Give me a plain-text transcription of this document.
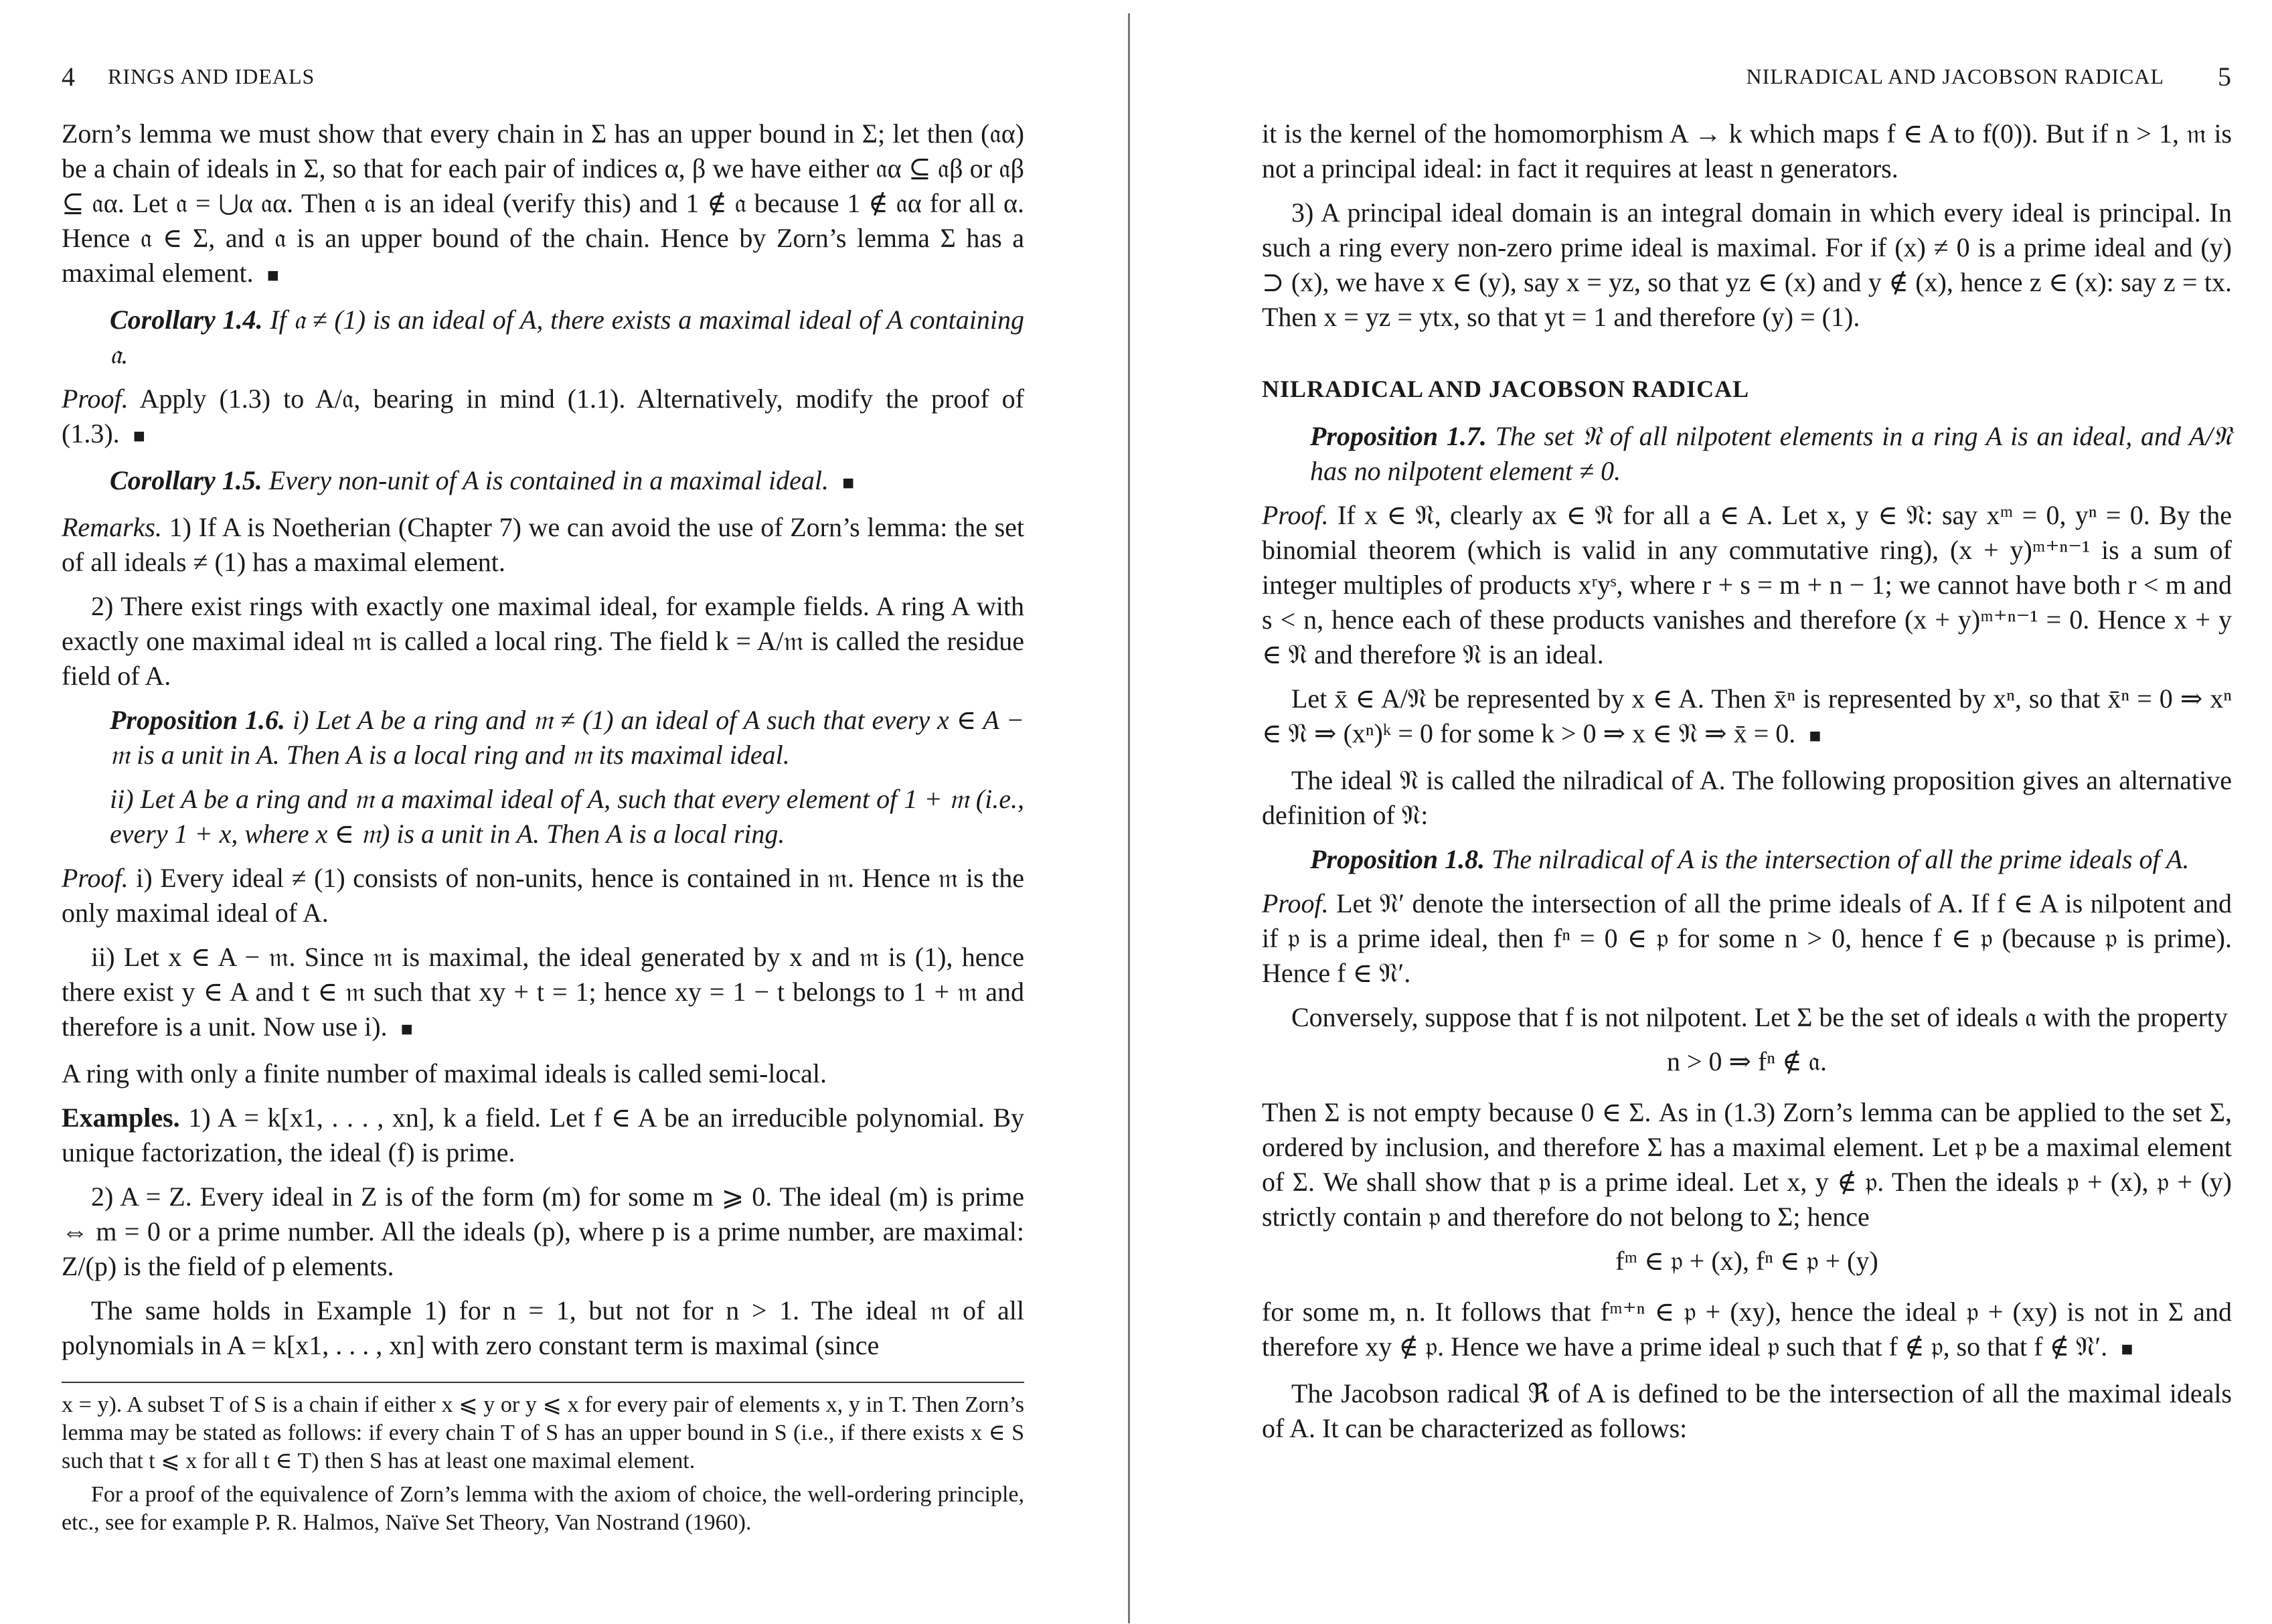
4 RINGS AND IDEALS

Zorn’s lemma we must show that every chain in Σ has an upper bound in Σ; let then (𝔞α) be a chain of ideals in Σ, so that for each pair of indices α, β we have either 𝔞α ⊆ 𝔞β or 𝔞β ⊆ 𝔞α. Let 𝔞 = ⋃α 𝔞α. Then 𝔞 is an ideal (verify this) and 1 ∉ 𝔞 because 1 ∉ 𝔞α for all α. Hence 𝔞 ∈ Σ, and 𝔞 is an upper bound of the chain. Hence by Zorn’s lemma Σ has a maximal element. ■

Corollary 1.4. If 𝔞 ≠ (1) is an ideal of A, there exists a maximal ideal of A containing 𝔞.

Proof. Apply (1.3) to A/𝔞, bearing in mind (1.1). Alternatively, modify the proof of (1.3). ■

Corollary 1.5. Every non-unit of A is contained in a maximal ideal. ■

Remarks. 1) If A is Noetherian (Chapter 7) we can avoid the use of Zorn’s lemma: the set of all ideals ≠ (1) has a maximal element.

2) There exist rings with exactly one maximal ideal, for example fields. A ring A with exactly one maximal ideal 𝔪 is called a local ring. The field k = A/𝔪 is called the residue field of A.

Proposition 1.6. i) Let A be a ring and 𝔪 ≠ (1) an ideal of A such that every x ∈ A − 𝔪 is a unit in A. Then A is a local ring and 𝔪 its maximal ideal.

ii) Let A be a ring and 𝔪 a maximal ideal of A, such that every element of 1 + 𝔪 (i.e., every 1 + x, where x ∈ 𝔪) is a unit in A. Then A is a local ring.

Proof. i) Every ideal ≠ (1) consists of non-units, hence is contained in 𝔪. Hence 𝔪 is the only maximal ideal of A.

ii) Let x ∈ A − 𝔪. Since 𝔪 is maximal, the ideal generated by x and 𝔪 is (1), hence there exist y ∈ A and t ∈ 𝔪 such that xy + t = 1; hence xy = 1 − t belongs to 1 + 𝔪 and therefore is a unit. Now use i). ■

A ring with only a finite number of maximal ideals is called semi-local.

Examples. 1) A = k[x1, . . . , xn], k a field. Let f ∈ A be an irreducible polynomial. By unique factorization, the ideal (f) is prime.

2) A = Z. Every ideal in Z is of the form (m) for some m ⩾ 0. The ideal (m) is prime ⇔ m = 0 or a prime number. All the ideals (p), where p is a prime number, are maximal: Z/(p) is the field of p elements.

The same holds in Example 1) for n = 1, but not for n > 1. The ideal 𝔪 of all polynomials in A = k[x1, . . . , xn] with zero constant term is maximal (since

x = y). A subset T of S is a chain if either x ⩽ y or y ⩽ x for every pair of elements x, y in T. Then Zorn’s lemma may be stated as follows: if every chain T of S has an upper bound in S (i.e., if there exists x ∈ S such that t ⩽ x for all t ∈ T) then S has at least one maximal element.

For a proof of the equivalence of Zorn’s lemma with the axiom of choice, the well-ordering principle, etc., see for example P. R. Halmos, Naïve Set Theory, Van Nostrand (1960).

NILRADICAL AND JACOBSON RADICAL 5

it is the kernel of the homomorphism A → k which maps f ∈ A to f(0)). But if n > 1, 𝔪 is not a principal ideal: in fact it requires at least n generators.

3) A principal ideal domain is an integral domain in which every ideal is principal. In such a ring every non-zero prime ideal is maximal. For if (x) ≠ 0 is a prime ideal and (y) ⊃ (x), we have x ∈ (y), say x = yz, so that yz ∈ (x) and y ∉ (x), hence z ∈ (x): say z = tx. Then x = yz = ytx, so that yt = 1 and therefore (y) = (1).

NILRADICAL AND JACOBSON RADICAL

Proposition 1.7. The set 𝔑 of all nilpotent elements in a ring A is an ideal, and A/𝔑 has no nilpotent element ≠ 0.

Proof. If x ∈ 𝔑, clearly ax ∈ 𝔑 for all a ∈ A. Let x, y ∈ 𝔑: say xᵐ = 0, yⁿ = 0. By the binomial theorem (which is valid in any commutative ring), (x + y)ᵐ⁺ⁿ⁻¹ is a sum of integer multiples of products xʳyˢ, where r + s = m + n − 1; we cannot have both r < m and s < n, hence each of these products vanishes and therefore (x + y)ᵐ⁺ⁿ⁻¹ = 0. Hence x + y ∈ 𝔑 and therefore 𝔑 is an ideal.

Let x̄ ∈ A/𝔑 be represented by x ∈ A. Then x̄ⁿ is represented by xⁿ, so that x̄ⁿ = 0 ⇒ xⁿ ∈ 𝔑 ⇒ (xⁿ)ᵏ = 0 for some k > 0 ⇒ x ∈ 𝔑 ⇒ x̄ = 0. ■

The ideal 𝔑 is called the nilradical of A. The following proposition gives an alternative definition of 𝔑:

Proposition 1.8. The nilradical of A is the intersection of all the prime ideals of A.

Proof. Let 𝔑′ denote the intersection of all the prime ideals of A. If f ∈ A is nilpotent and if 𝔭 is a prime ideal, then fⁿ = 0 ∈ 𝔭 for some n > 0, hence f ∈ 𝔭 (because 𝔭 is prime). Hence f ∈ 𝔑′.

Conversely, suppose that f is not nilpotent. Let Σ be the set of ideals 𝔞 with the property

n > 0 ⇒ fⁿ ∉ 𝔞.

Then Σ is not empty because 0 ∈ Σ. As in (1.3) Zorn’s lemma can be applied to the set Σ, ordered by inclusion, and therefore Σ has a maximal element. Let 𝔭 be a maximal element of Σ. We shall show that 𝔭 is a prime ideal. Let x, y ∉ 𝔭. Then the ideals 𝔭 + (x), 𝔭 + (y) strictly contain 𝔭 and therefore do not belong to Σ; hence

fᵐ ∈ 𝔭 + (x), fⁿ ∈ 𝔭 + (y)

for some m, n. It follows that fᵐ⁺ⁿ ∈ 𝔭 + (xy), hence the ideal 𝔭 + (xy) is not in Σ and therefore xy ∉ 𝔭. Hence we have a prime ideal 𝔭 such that f ∉ 𝔭, so that f ∉ 𝔑′. ■

The Jacobson radical ℜ of A is defined to be the intersection of all the maximal ideals of A. It can be characterized as follows:
